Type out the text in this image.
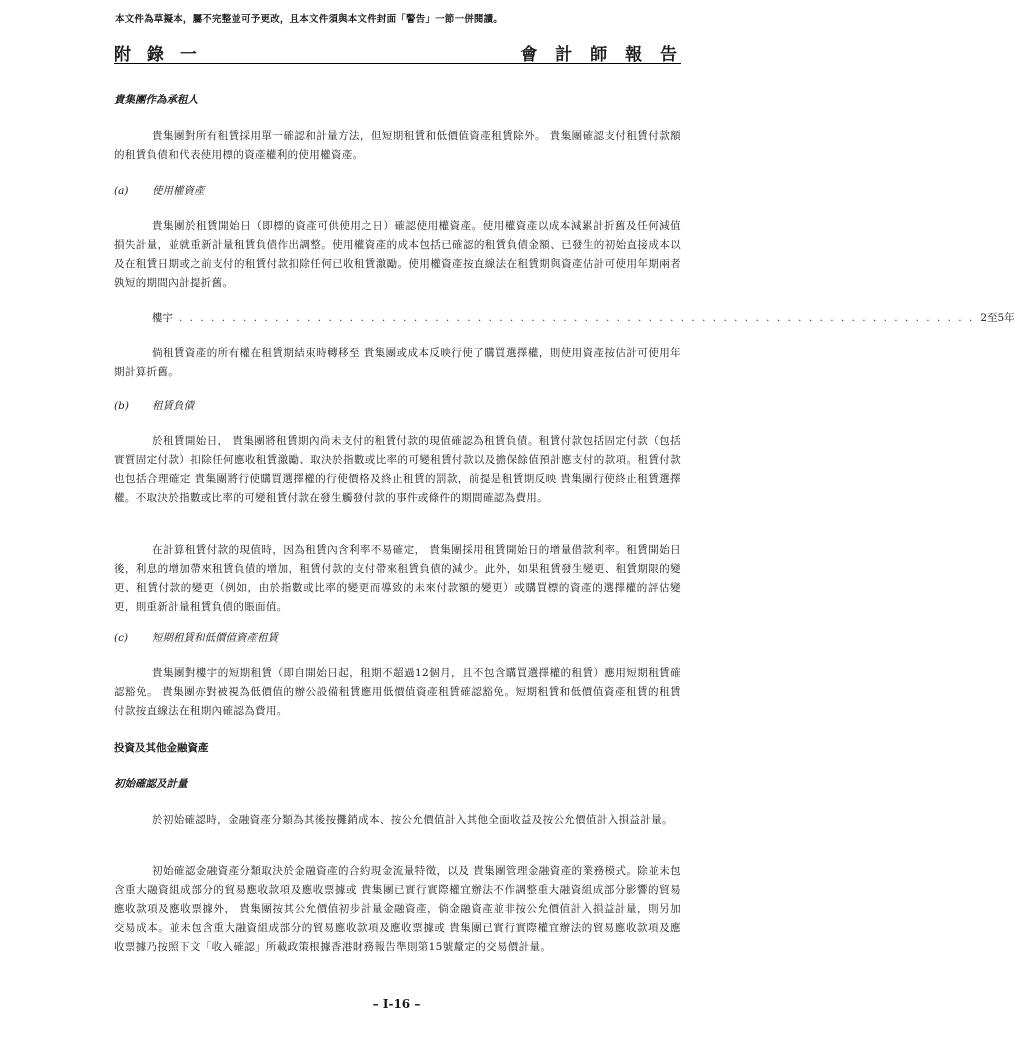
本文件為草擬本，屬不完整並可予更改，且本文件須與本文件封面「警告」一節一併閱讀。
附 錄 一	會 計 師 報 告
貴集團作為承租人
貴集團對所有租賃採用單一確認和計量方法，但短期租賃和低價值資產租賃除外。 貴集團確認支付租賃付款額的租賃負債和代表使用標的資產權利的使用權資產。
(a) 使用權資產
貴集團於租賃開始日（即標的資產可供使用之日）確認使用權資產。使用權資產以成本減累計折舊及任何減值損失計量，並就重新計量租賃負債作出調整。使用權資產的成本包括已確認的租賃負債金額、已發生的初始直接成本以及在租賃日期或之前支付的租賃付款扣除任何已收租賃激勵。使用權資產按直線法在租賃期與資產估計可使用年期兩者孰短的期間內計提折舊。
樓宇 . . . . . . . . . . . . . . . . . . . . . . . . . . . . . . . . . . . . . . . . . . . . . . . . . . . . . . . . . . . . . . . . . . . . . . . . . . . 2至5年
倘租賃資產的所有權在租賃期結束時轉移至 貴集團或成本反映行使了購買選擇權，則使用資產按估計可使用年期計算折舊。
(b) 租賃負債
於租賃開始日， 貴集團將租賃期內尚未支付的租賃付款的現值確認為租賃負債。租賃付款包括固定付款（包括實質固定付款）扣除任何應收租賃激勵、取決於指數或比率的可變租賃付款以及擔保餘值預計應支付的款項。租賃付款也包括合理確定 貴集團將行使購買選擇權的行使價格及終止租賃的罰款，前提是租賃期反映 貴集團行使終止租賃選擇權。不取決於指數或比率的可變租賃付款在發生觸發付款的事件或條件的期間確認為費用。
在計算租賃付款的現值時，因為租賃內含利率不易確定， 貴集團採用租賃開始日的增量借款利率。租賃開始日後，利息的增加帶來租賃負債的增加，租賃付款的支付帶來租賃負債的減少。此外，如果租賃發生變更、租賃期限的變更、租賃付款的變更（例如，由於指數或比率的變更而導致的未來付款額的變更）或購買標的資產的選擇權的評估變更，則重新計量租賃負債的賬面值。
(c) 短期租賃和低價值資產租賃
貴集團對樓宇的短期租賃（即自開始日起，租期不超過12個月，且不包含購買選擇權的租賃）應用短期租賃確認豁免。 貴集團亦對被視為低價值的辦公設備租賃應用低價值資產租賃確認豁免。短期租賃和低價值資產租賃的租賃付款按直線法在租期內確認為費用。
投資及其他金融資產
初始確認及計量
於初始確認時，金融資產分類為其後按攤銷成本、按公允價值計入其他全面收益及按公允價值計入損益計量。
初始確認金融資產分類取決於金融資產的合約現金流量特徵，以及 貴集團管理金融資產的業務模式。除並未包含重大融資組成部分的貿易應收款項及應收票據或 貴集團已實行實際權宜辦法不作調整重大融資組成部分影響的貿易應收款項及應收票據外， 貴集團按其公允價值初步計量金融資產，倘金融資產並非按公允價值計入損益計量，則另加交易成本。並未包含重大融資組成部分的貿易應收款項及應收票據或 貴集團已實行實際權宜辦法的貿易應收款項及應收票據乃按照下文「收入確認」所載政策根據香港財務報告準則第15號釐定的交易價計量。
– I-16 –
